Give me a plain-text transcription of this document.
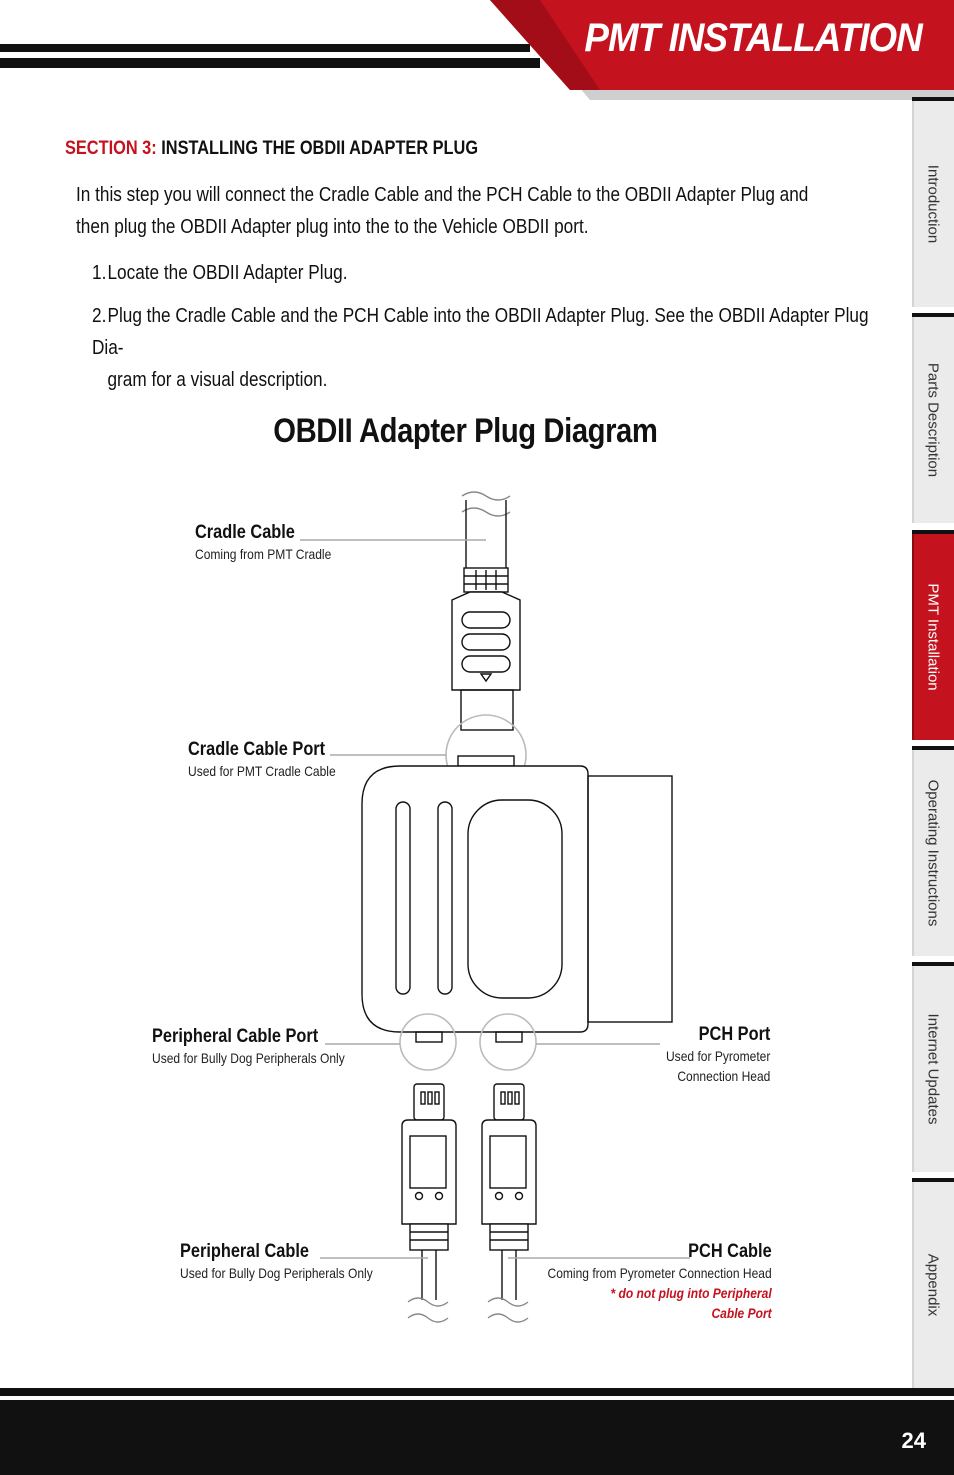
PMT INSTALLATION
Introduction
Parts Description
PMT Installation
Operating Instructions
Internet Updates
Appendix
SECTION 3: INSTALLING THE OBDII ADAPTER PLUG
In this step you will connect the Cradle Cable and the PCH Cable to the OBDII Adapter Plug and then plug the OBDII Adapter plug into the to the Vehicle OBDII port.
1.Locate the OBDII Adapter Plug.
2.Plug the Cradle Cable and the PCH Cable into the OBDII Adapter Plug. See the OBDII Adapter Plug Dia-
gram for a visual description.
OBDII Adapter Plug Diagram
Cradle Cable
Coming from PMT Cradle
Cradle Cable Port
Used for PMT Cradle Cable
Peripheral Cable Port
Used for Bully Dog Peripherals Only
PCH Port
Used for Pyrometer
Connection Head
Peripheral Cable
Used for Bully Dog Peripherals Only
PCH Cable
Coming from Pyrometer Connection Head
* do not plug into Peripheral
Cable Port
24
